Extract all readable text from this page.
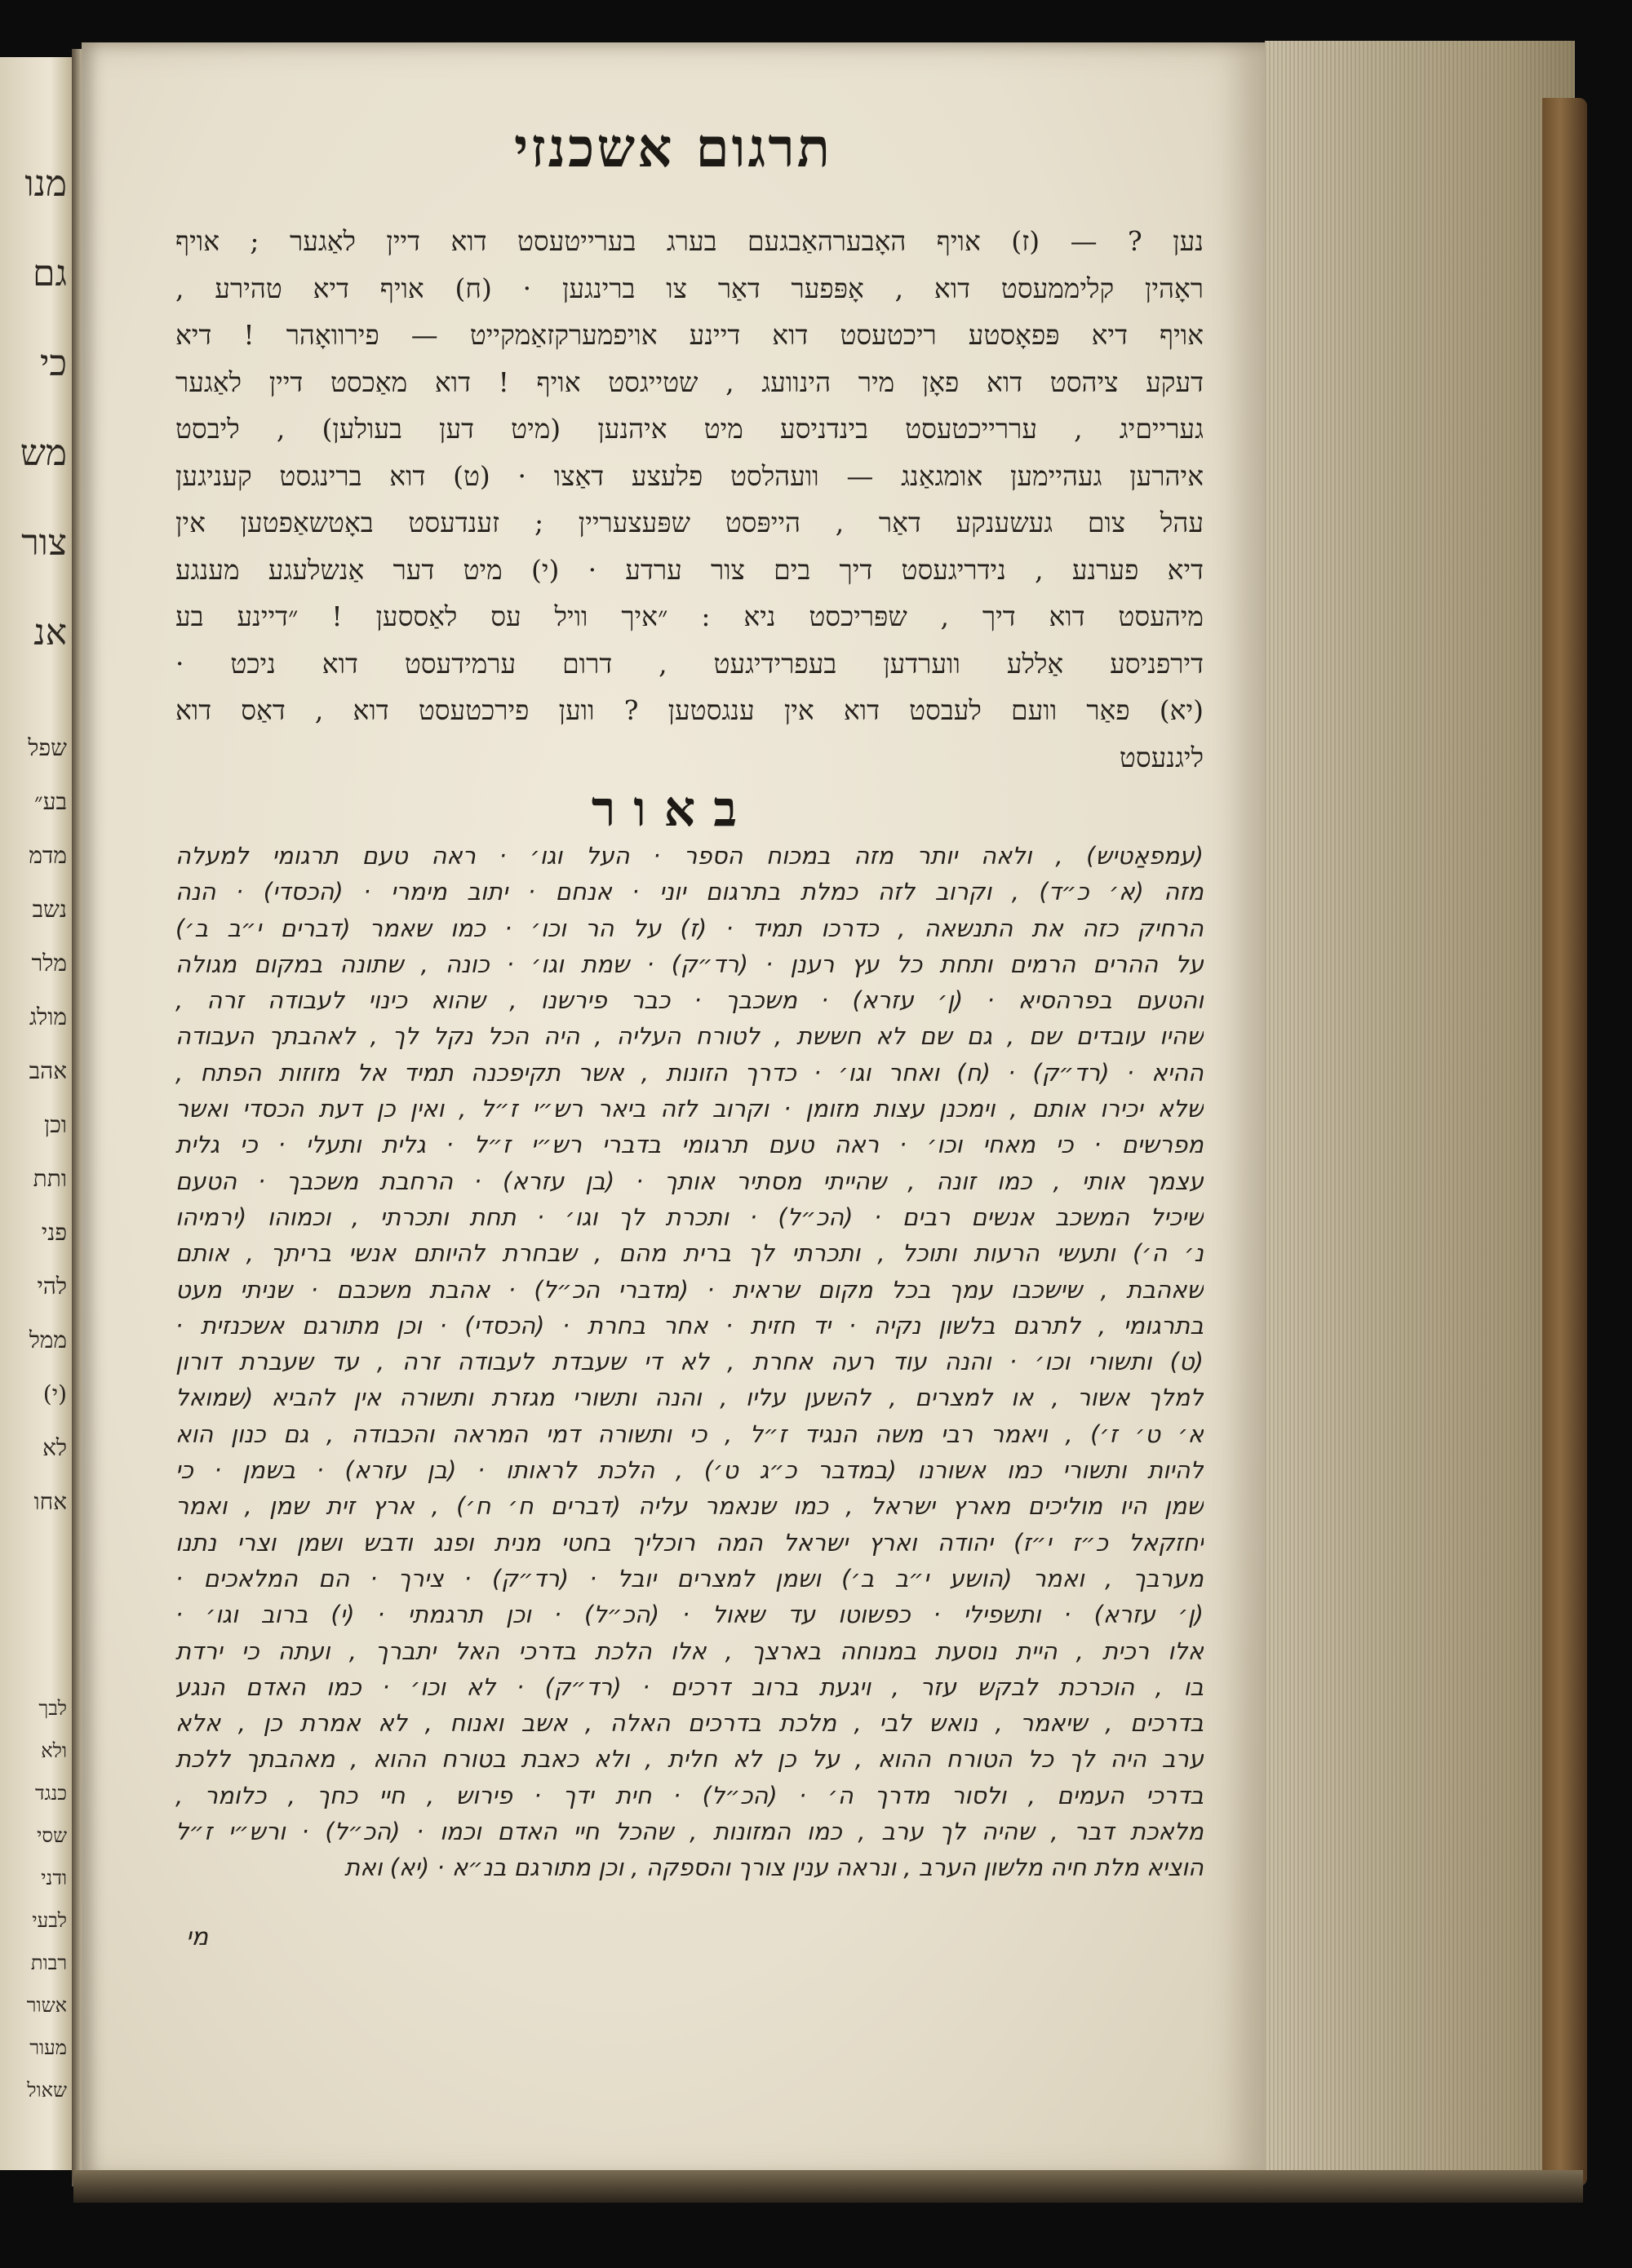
מנו
גם
כי
מש
צור
אנ
שפל
בע״
מדמ
נשב
מלר
מולג
אהב
וכן
ותת
פני
להי
ממל
(י)
לא
אחו
לבך
ולא
כנגד
שסי
ודני
לבעי
רבות
אשור
מעור
שאול
תרגום אשכנזי
נען ? — (ז) אויף האָבערהאַבגעם בערג בערייטעסט דוא דיין לאַגער ; אויף
ראָהין קליממעסט דוא , אָפּפער דאַר צו ברינגען · (ח) אויף דיא טהירע ,
אויף דיא פּפאָסטע ריכטעסט דוא דיינע אויפמערקזאַמקייט — פירוואָהר ! דיא
דעקע ציהסט דוא פאָן מיר הינוועג , שטייגסט אויף ! דוא מאַכסט דיין לאַגער
גערייםיג , עררייכטעסט בינדניסע מיט איהנען (מיט דען בעולען) , ליבסט
איהרען געהיימען אומגאַנג — וועהלסט פלעצע דאַצו · (ט) דוא ברינגסט קעניגען
עהל צום געשענקע דאַר , הייפּסט שפּעצעריין ; זענדעסט באָטשאַפטען אין
דיא פערנע , נידריגעסט דיך בים צור ערדע · (י) מיט דער אַנשלעגע מענגע
מיהעסט דוא דיך , שפּריכסט ניא : ״איך וויל עס לאַססען ! ״דיינע בע
דירפניסע אַללע ווערדען בעפרידיגעט , דרום ערמידעסט דוא ניכט ·
(יא) פאַר וועם לעבסט דוא אין ענגסטען ? ווען פירכטעסט דוא , דאַס דוא
ליגנעסט
באור
(עמפאַטיש) , ולאה יותר מזה במכוח הספר · העל וגו׳ · ראה טעם תרגומי למעלה
מזה (א׳ כ״ד) , וקרוב לזה כמלת בתרגום יוני · אנחם · יתוב מימרי · (הכסדי) · הנה
הרחיק כזה את התנשאה , כדרכו תמיד · (ז) על הר וכו׳ · כמו שאמר (דברים י״ב ב׳)
על ההרים הרמים ותחת כל עץ רענן · (רד״ק) · שמת וגו׳ · כונה , שתונה במקום מגולה
והטעם בפרהסיא · (ן׳ עזרא) · משכבך · כבר פירשנו , שהוא כינוי לעבודה זרה ,
שהיו עובדים שם , גם שם לא חששת , לטורח העליה , היה הכל נקל לך , לאהבתך העבודה
ההיא · (רד״ק) · (ח) ואחר וגו׳ · כדרך הזונות , אשר תקיפכנה תמיד אל מזוזות הפתח ,
שלא יכירו אותם , וימכנן עצות מזומן · וקרוב לזה ביאר רש״י ז״ל , ואין כן דעת הכסדי ואשר
מפרשים · כי מאחי וכו׳ · ראה טעם תרגומי בדברי רש״י ז״ל · גלית ותעלי · כי גלית
עצמך אותי , כמו זונה , שהייתי מסתיר אותך · (בן עזרא) · הרחבת משכבך · הטעם
שיכיל המשכב אנשים רבים · (הכ״ל) · ותכרת לך וגו׳ · תחת ותכרתי , וכמוהו (ירמיהו
נ׳ ה׳) ותעשי הרעות ותוכל , ותכרתי לך ברית מהם , שבחרת להיותם אנשי בריתך , אותם
שאהבת , שישכבו עמך בכל מקום שראית · (מדברי הכ״ל) · אהבת משכבם · שניתי מעט
בתרגומי , לתרגם בלשון נקיה · יד חזית · אחר בחרת · (הכסדי) · וכן מתורגם אשכנזית ·
(ט) ותשורי וכו׳ · והנה עוד רעה אחרת , לא די שעבדת לעבודה זרה , עד שעברת דורון
למלך אשור , או למצרים , להשען עליו , והנה ותשורי מגזרת ותשורה אין להביא (שמואל
א׳ ט׳ ז׳) , ויאמר רבי משה הנגיד ז״ל , כי ותשורה דמי המראה והכבודה , גם כנון הוא
להיות ותשורי כמו אשורנו (במדבר כ״ג ט׳) , הלכת לראותו · (בן עזרא) · בשמן · כי
שמן היו מוליכים מארץ ישראל , כמו שנאמר עליה (דברים ח׳ ח׳) , ארץ זית שמן , ואמר
יחזקאל כ״ז י״ז) יהודה וארץ ישראל המה רוכליך בחטי מנית ופנג ודבש ושמן וצרי נתנו
מערבך , ואמר (הושע י״ב ב׳) ושמן למצרים יובל · (רד״ק) · צירך · הם המלאכים ·
(ן׳ עזרא) · ותשפילי · כפשוטו עד שאול · (הכ״ל) · וכן תרגמתי · (י) ברוב וגו׳ ·
אלו רכית , היית נוסעת במנוחה בארצך , אלו הלכת בדרכי האל יתברך , ועתה כי ירדת
בו , הוכרכת לבקש עזר , ויגעת ברוב דרכים · (רד״ק) · לא וכו׳ · כמו האדם הנגע
בדרכים , שיאמר , נואש לבי , מלכת בדרכים האלה , אשב ואנוח , לא אמרת כן , אלא
ערב היה לך כל הטורח ההוא , על כן לא חלית , ולא כאבת בטורח ההוא , מאהבתך ללכת
בדרכי העמים , ולסור מדרך ה׳ · (הכ״ל) · חית ידך · פירוש , חיי כחך , כלומר ,
מלאכת דבר , שהיה לך ערב , כמו המזונות , שהכל חיי האדם וכמו · (הכ״ל) · ורש״י ז״ל
הוציא מלת חיה מלשון הערב , ונראה ענין צורך והספקה , וכן מתורגם בנ״א · (יא) ואת
מי
